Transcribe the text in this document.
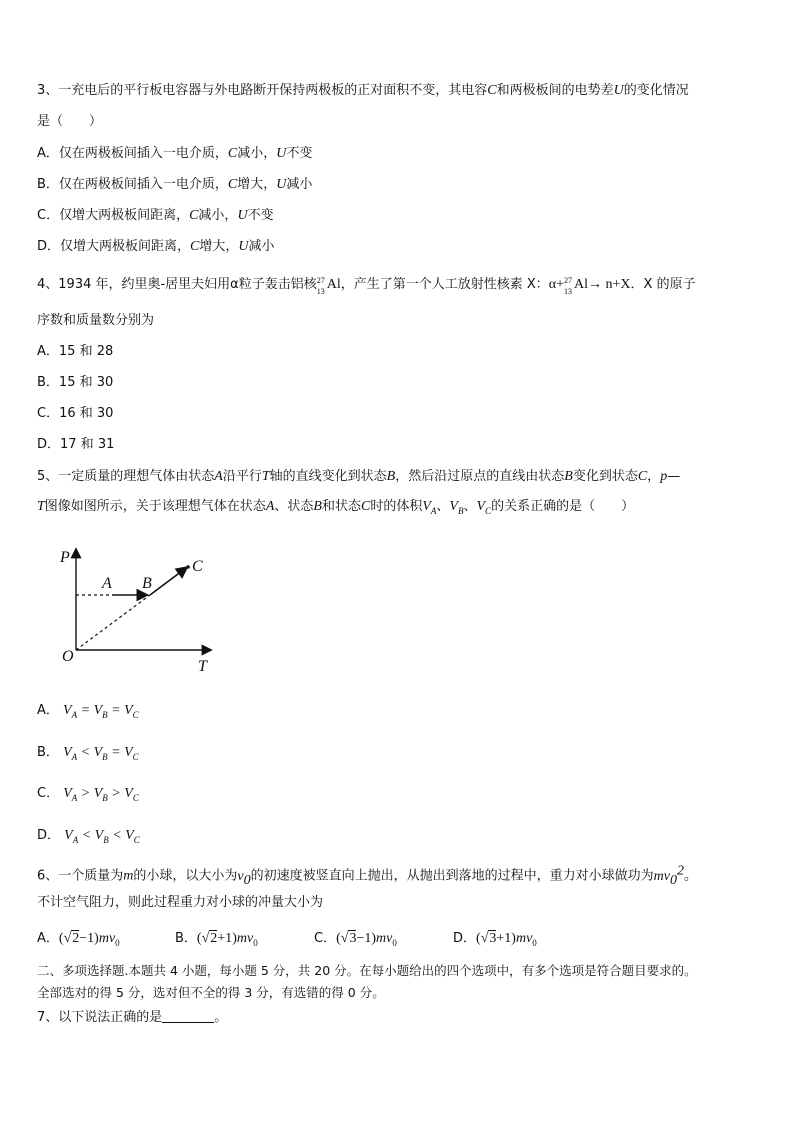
3、一充电后的平行板电容器与外电路断开保持两极板的正对面积不变，其电容C和两极板间的电势差U的变化情况
是（　　）
A．仅在两极板间插入一电介质，C减小，U不变
B．仅在两极板间插入一电介质，C增大，U减小
C．仅增大两极板间距离，C减小，U不变
D．仅增大两极板间距离，C增大，U减小
4、1934 年，约里奥-居里夫妇用α粒子轰击铝核 27
13 Al，产生了第一个人工放射性核素 X：α+ 27
13 Al→ n+X．X 的原子
序数和质量数分别为
A．15 和 28
B．15 和 30
C．16 和 30
D．17 和 31
5、一定质量的理想气体由状态A沿平行T轴的直线变化到状态B，然后沿过原点的直线由状态B变化到状态C，p—
T图像如图所示，关于该理想气体在状态A、状态B和状态C时的体积$V_A$、$V_B$、$V_C$的关系正确的是（　　）
P
O
T
A B
C
A． $V_A = V_B = V_C$
B． $V_A < V_B = V_C$
C． $V_A > V_B > V_C$
D． $V_A < V_B < V_C$
6、一个质量为m的小球，以大小为$v_0$的初速度被竖直向上抛出，从抛出到落地的过程中，重力对小球做功为$mv_0^2$。
不计空气阻力，则此过程重力对小球的冲量大小为
A．$(√2-1)mv_0$	B．$(√2+1)mv_0$	C．$(√3-1)mv_0$	D．$(√3+1)mv_0$
二、多项选择题.本题共 4 小题，每小题 5 分，共 20 分。在每小题给出的四个选项中，有多个选项是符合题目要求的。
全部选对的得 5 分，选对但不全的得 3 分，有选错的得 0 分。
7、以下说法正确的是	。
